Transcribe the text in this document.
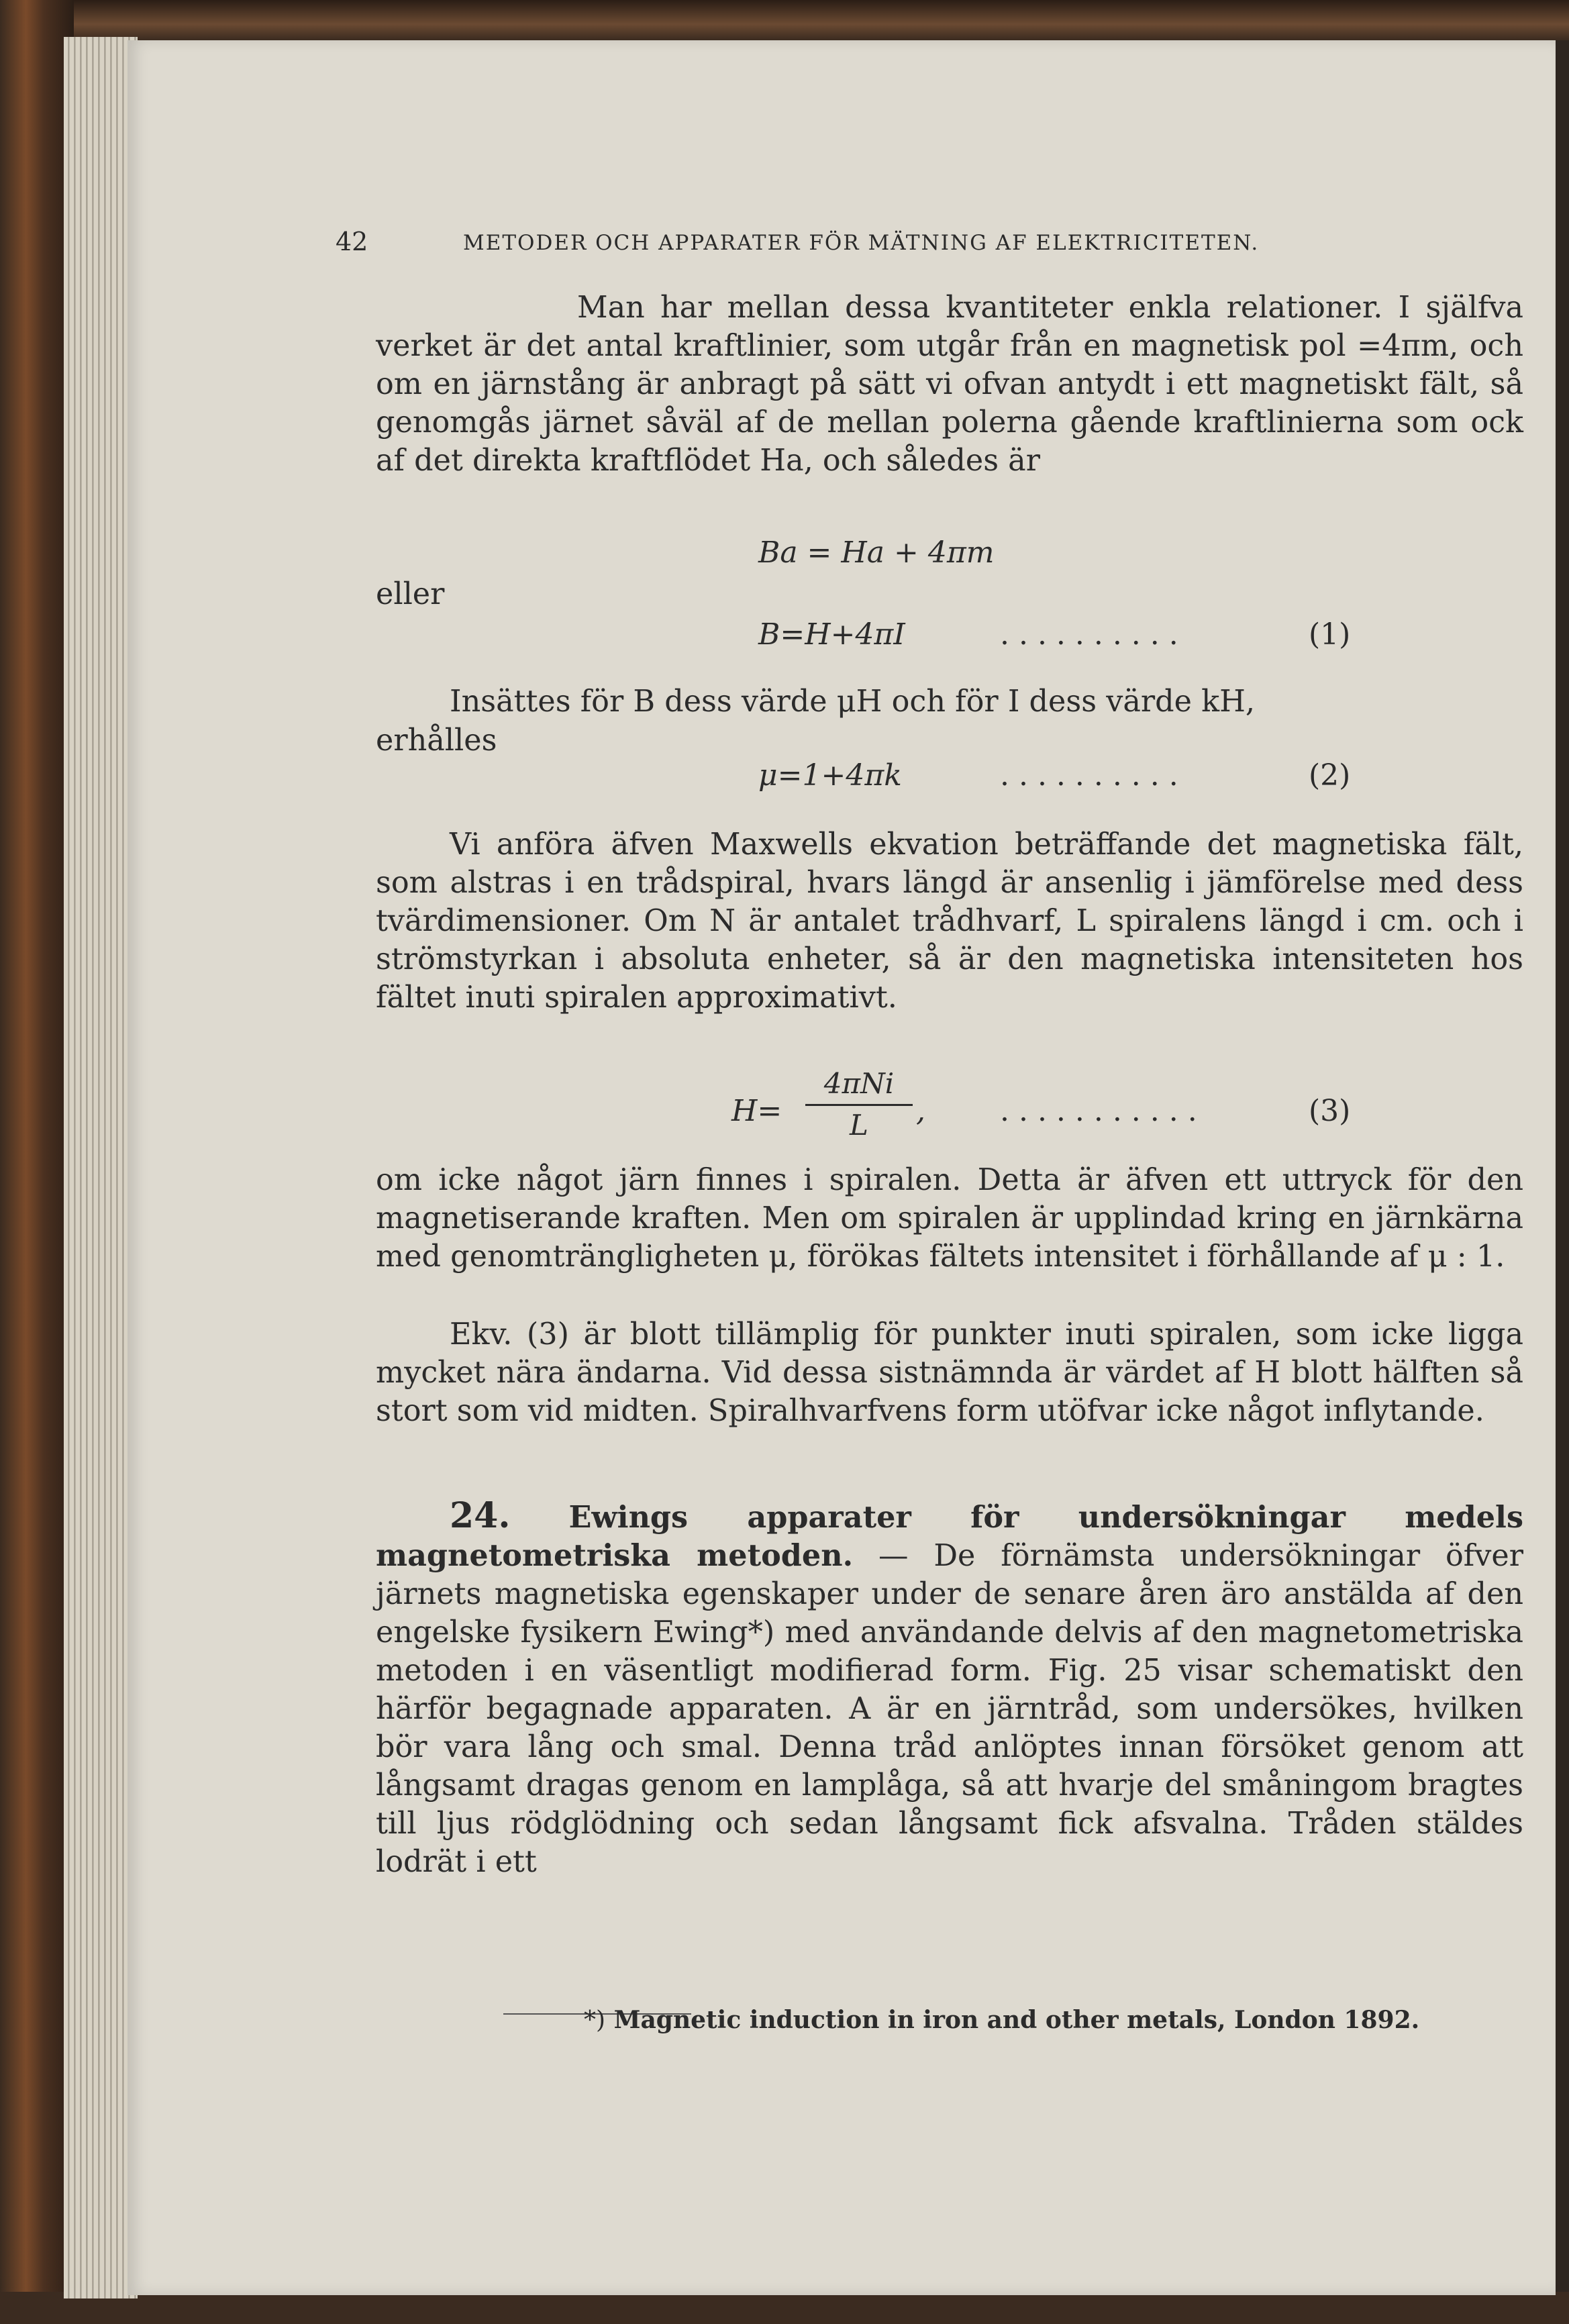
42	METODER OCH APPARATER FÖR MÄTNING AF ELEKTRICITETEN.
Man har mellan dessa kvantiteter enkla relationer. I själfva verket är det antal kraftlinier, som utgår från en magnetisk pol =4πm, och om en järnstång är anbragt på sätt vi ofvan antydt i ett magnetiskt fält, så genomgås järnet såväl af de mellan polerna gående kraftlinierna som ock af det direkta kraftflödet Ha, och således är
Ba = Ha + 4πm
eller
B=H+4πI	. . . . . . . . . .	(1)
Insättes för B dess värde μH och för I dess värde kH,
erhålles
μ=1+4πk	. . . . . . . . . .	(2)
Vi anföra äfven Maxwells ekvation beträffande det magnetiska fält, som alstras i en trådspiral, hvars längd är ansenlig i jämförelse med dess tvärdimensioner. Om N är antalet trådhvarf, L spiralens längd i cm. och i strömstyrkan i absoluta enheter, så är den magnetiska intensiteten hos fältet inuti spiralen approximativt.
H=
4πNi
L	,	. . . . . . . . . . .	(3)
om icke något järn finnes i spiralen. Detta är äfven ett uttryck för den magnetiserande kraften. Men om spiralen är upplindad kring en järnkärna med genomträngligheten μ, förökas fältets intensitet i förhållande af μ : 1.
Ekv. (3) är blott tillämplig för punkter inuti spiralen, som icke ligga mycket nära ändarna. Vid dessa sistnämnda är värdet af H blott hälften så stort som vid midten. Spiralhvarfvens form utöfvar icke något inflytande.
24. Ewings apparater för undersökningar medels magnetometriska metoden. — De förnämsta undersökningar öfver järnets magnetiska egenskaper under de senare åren äro anstälda af den engelske fysikern Ewing*) med användande delvis af den magnetometriska metoden i en väsentligt modifierad form. Fig. 25 visar schematiskt den härför begagnade apparaten. A är en järntråd, som undersökes, hvilken bör vara lång och smal. Denna tråd anlöptes innan försöket genom att långsamt dragas genom en lamplåga, så att hvarje del småningom bragtes till ljus rödglödning och sedan långsamt fick afsvalna. Tråden stäldes lodrät i ett
*) Magnetic induction in iron and other metals, London 1892.
